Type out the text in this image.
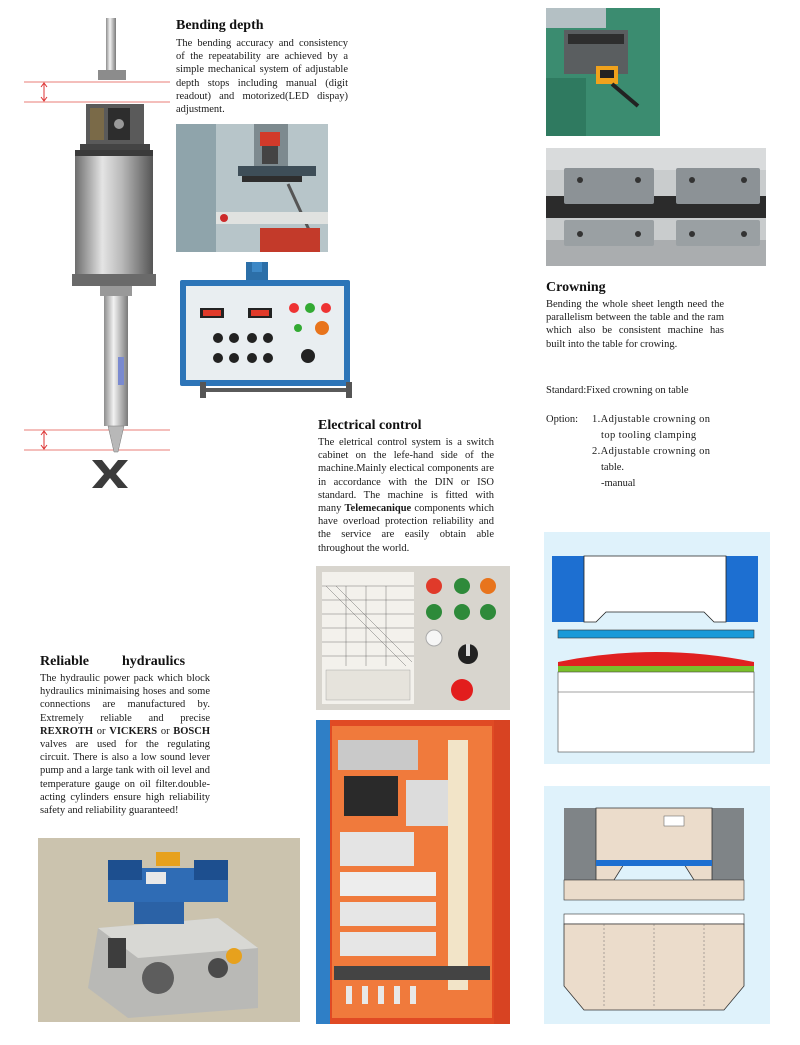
Bending depth

The bending accuracy and consistency of the repeatability are achieved by a simple mechanical system of adjustable depth stops including manual (digit readout) and motorized(LED dispay) adjustment.

Electrical control

The eletrical control system is a switch cabinet on the lefe-hand side of the machine.Mainly electical components are in accordance with the DIN or ISO standard. The machine is fitted with many Telemecanique components which have overload protection reliability and the service are easily obtain able throughout the world.

Reliable hydraulics

The hydraulic power pack which block hydraulics minimaising hoses and some connections are manufactured by. Extremely reliable and precise REXROTH or VICKERS or BOSCH valves are used for the regulating circuit. There is also a low sound lever pump and a large tank with oil level and temperature gauge on oil filter.double-acting cylinders ensure high reliability safety and reliability guaranteed!

Crowning

Bending the whole sheet length need the parallelism between the table and the ram which also be consistent machine has built into the table for crowing.

Standard:Fixed crowning on table

Option: 1.Adjustable crowning on
top tooling clamping
2.Adjustable crowning on
table.
-manual
